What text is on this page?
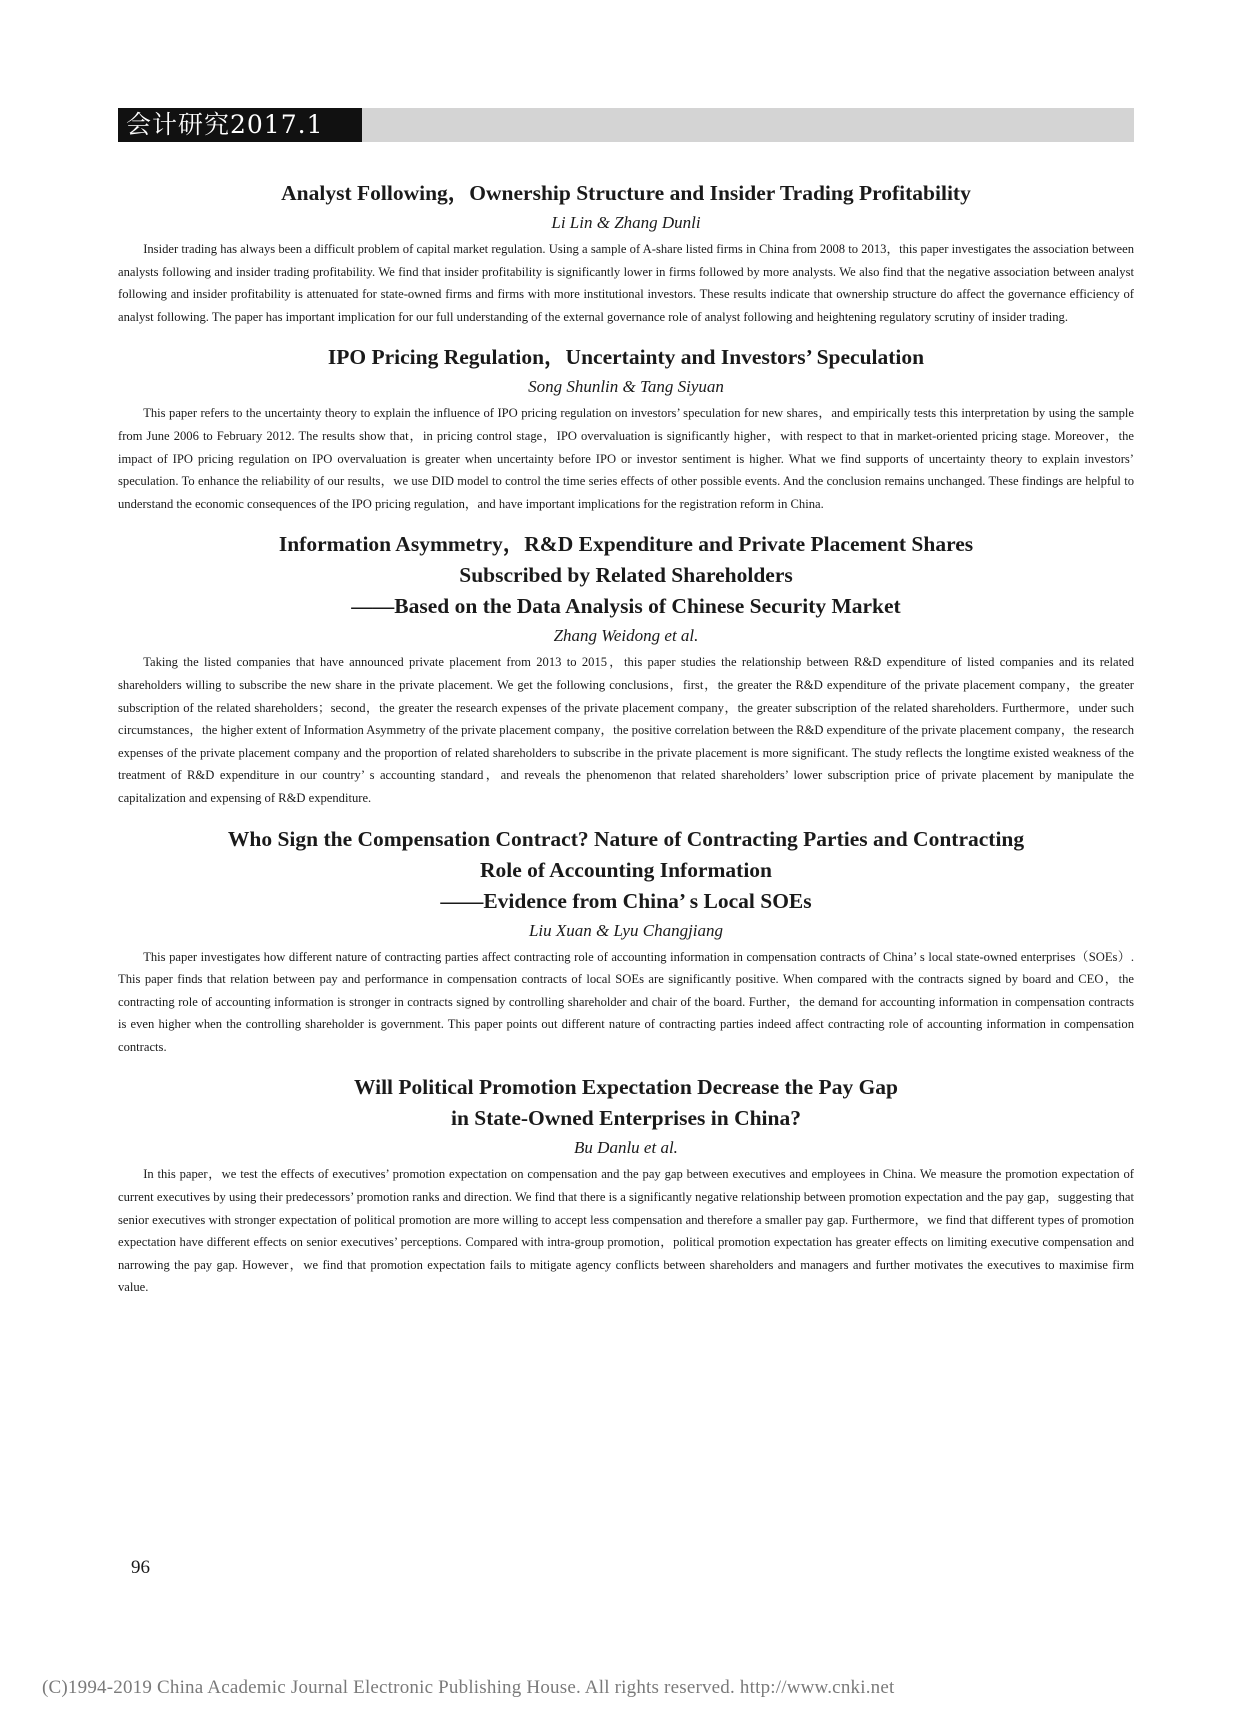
会计研究2017.1
Analyst Following，Ownership Structure and Insider Trading Profitability
Li Lin & Zhang Dunli

Insider trading has always been a difficult problem of capital market regulation. Using a sample of A-share listed firms in China from 2008 to 2013，this paper investigates the association between analysts following and insider trading profitability. We find that insider profitability is significantly lower in firms followed by more analysts. We also find that the negative association between analyst following and insider profitability is attenuated for state-owned firms and firms with more institutional investors. These results indicate that ownership structure do affect the governance efficiency of analyst following. The paper has important implication for our full understanding of the external governance role of analyst following and heightening regulatory scrutiny of insider trading.

IPO Pricing Regulation，Uncertainty and Investors’ Speculation
Song Shunlin & Tang Siyuan

This paper refers to the uncertainty theory to explain the influence of IPO pricing regulation on investors’ speculation for new shares，and empirically tests this interpretation by using the sample from June 2006 to February 2012. The results show that，in pricing control stage，IPO overvaluation is significantly higher，with respect to that in market-oriented pricing stage. Moreover，the impact of IPO pricing regulation on IPO overvaluation is greater when uncertainty before IPO or investor sentiment is higher. What we find supports of uncertainty theory to explain investors’ speculation. To enhance the reliability of our results，we use DID model to control the time series effects of other possible events. And the conclusion remains unchanged. These findings are helpful to understand the economic consequences of the IPO pricing regulation，and have important implications for the registration reform in China.

Information Asymmetry，R&D Expenditure and Private Placement Shares
Subscribed by Related Shareholders
——Based on the Data Analysis of Chinese Security Market
Zhang Weidong et al.

Taking the listed companies that have announced private placement from 2013 to 2015，this paper studies the relationship between R&D expenditure of listed companies and its related shareholders willing to subscribe the new share in the private placement. We get the following conclusions，first，the greater the R&D expenditure of the private placement company，the greater subscription of the related shareholders；second，the greater the research expenses of the private placement company，the greater subscription of the related shareholders. Furthermore，under such circumstances，the higher extent of Information Asymmetry of the private placement company，the positive correlation between the R&D expenditure of the private placement company，the research expenses of the private placement company and the proportion of related shareholders to subscribe in the private placement is more significant. The study reflects the longtime existed weakness of the treatment of R&D expenditure in our country’ s accounting standard，and reveals the phenomenon that related shareholders’ lower subscription price of private placement by manipulate the capitalization and expensing of R&D expenditure.

Who Sign the Compensation Contract? Nature of Contracting Parties and Contracting
Role of Accounting Information
——Evidence from China’ s Local SOEs
Liu Xuan & Lyu Changjiang

This paper investigates how different nature of contracting parties affect contracting role of accounting information in compensation contracts of China’ s local state-owned enterprises（SOEs）. This paper finds that relation between pay and performance in compensation contracts of local SOEs are significantly positive. When compared with the contracts signed by board and CEO，the contracting role of accounting information is stronger in contracts signed by controlling shareholder and chair of the board. Further，the demand for accounting information in compensation contracts is even higher when the controlling shareholder is government. This paper points out different nature of contracting parties indeed affect contracting role of accounting information in compensation contracts.

Will Political Promotion Expectation Decrease the Pay Gap
in State-Owned Enterprises in China?
Bu Danlu et al.

In this paper，we test the effects of executives’ promotion expectation on compensation and the pay gap between executives and employees in China. We measure the promotion expectation of current executives by using their predecessors’ promotion ranks and direction. We find that there is a significantly negative relationship between promotion expectation and the pay gap，suggesting that senior executives with stronger expectation of political promotion are more willing to accept less compensation and therefore a smaller pay gap. Furthermore，we find that different types of promotion expectation have different effects on senior executives’ perceptions. Compared with intra-group promotion，political promotion expectation has greater effects on limiting executive compensation and narrowing the pay gap. However，we find that promotion expectation fails to mitigate agency conflicts between shareholders and managers and further motivates the executives to maximise firm value.

96
(C)1994-2019 China Academic Journal Electronic Publishing House. All rights reserved. http://www.cnki.net
